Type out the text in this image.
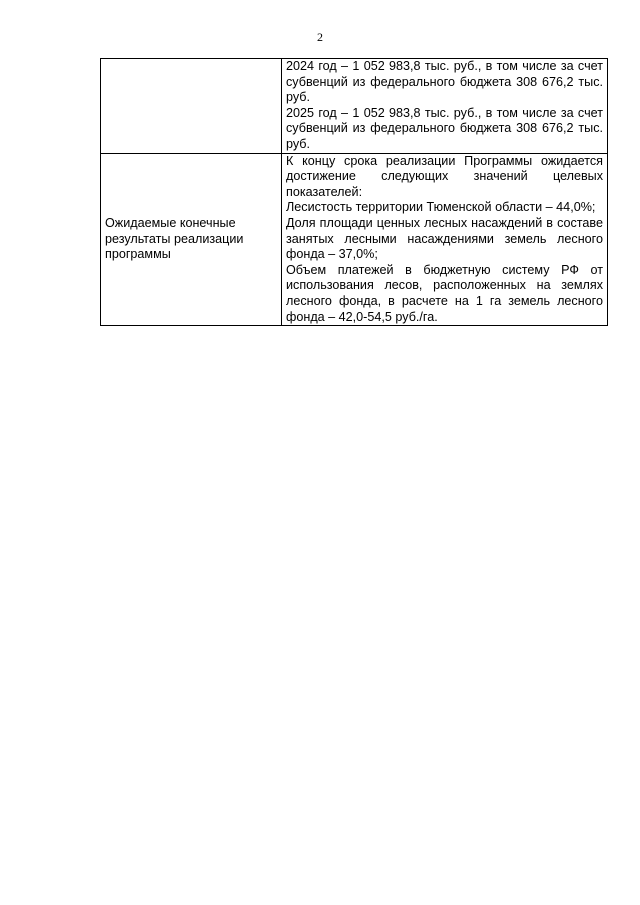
2

	2024 год – 1 052 983,8 тыс. руб., в том числе за счет субвенций из федерального бюджета 308 676,2 тыс. руб.
2025 год – 1 052 983,8 тыс. руб., в том числе за счет субвенций из федерального бюджета 308 676,2 тыс. руб.

Ожидаемые конечные результаты реализации программы	К концу срока реализации Программы ожидается достижение следующих значений целевых показателей:
Лесистость территории Тюменской области – 44,0%;
Доля площади ценных лесных насаждений в составе занятых лесными насаждениями земель лесного фонда – 37,0%;
Объем платежей в бюджетную систему РФ от использования лесов, расположенных на землях лесного фонда, в расчете на 1 га земель лесного фонда – 42,0-54,5 руб./га.
